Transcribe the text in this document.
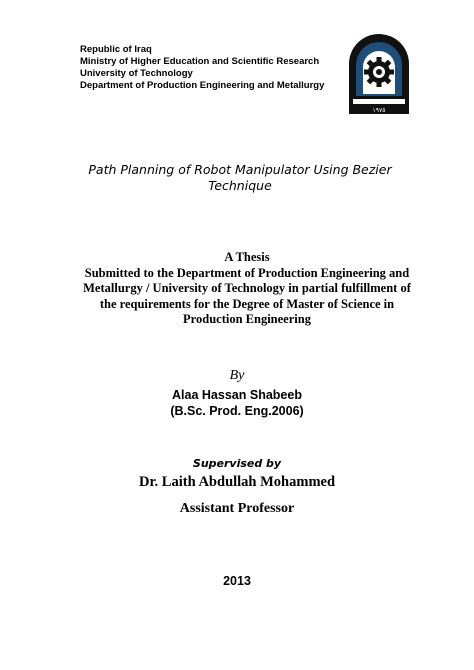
Republic of Iraq
Ministry of Higher Education and Scientific Research
University of Technology
Department of Production Engineering and Metallurgy
١٩٧٥
Path Planning of Robot Manipulator Using Bezier
Technique
A Thesis
Submitted to the Department of Production Engineering and
Metallurgy / University of Technology in partial fulfillment of
the requirements for the Degree of Master of Science in
Production Engineering
By
Alaa Hassan Shabeeb
(B.Sc. Prod. Eng.2006)
Supervised by
Dr. Laith Abdullah Mohammed
Assistant Professor
2013
